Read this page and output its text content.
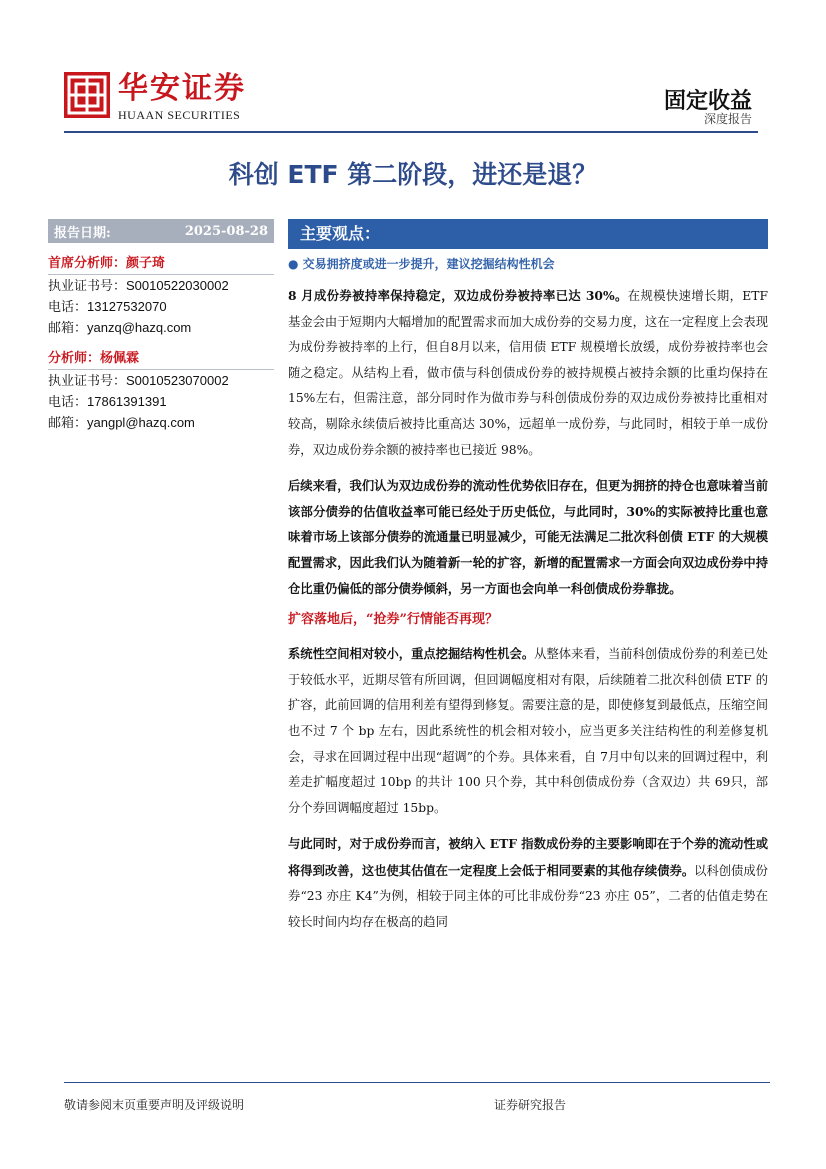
华安证券
HUAAN SECURITIES
固定收益
深度报告
科创 ETF 第二阶段，进还是退？
报告日期:	2025-08-28
首席分析师：颜子琦
执业证书号：S0010522030002
电话：13127532070
邮箱：yanzq@hazq.com
分析师：杨佩霖
执业证书号：S0010523070002
电话：17861391391
邮箱：yangpl@hazq.com
主要观点：
● 交易拥挤度或进一步提升，建议挖掘结构性机会

8 月成份券被持率保持稳定，双边成份券被持率已达 30%。在规模快速增长期，ETF 基金会由于短期内大幅增加的配置需求而加大成份券的交易力度，这在一定程度上会表现为成份券被持率的上行，但自8月以来，信用债 ETF 规模增长放缓，成份券被持率也会随之稳定。从结构上看，做市债与科创债成份券的被持规模占被持余额的比重均保持在 15%左右，但需注意，部分同时作为做市券与科创债成份券的双边成份券被持比重相对较高，剔除永续债后被持比重高达 30%，远超单一成份券，与此同时，相较于单一成份券，双边成份券余额的被持率也已接近 98%。

后续来看，我们认为双边成份券的流动性优势依旧存在，但更为拥挤的持仓也意味着当前该部分债券的估值收益率可能已经处于历史低位，与此同时，30%的实际被持比重也意味着市场上该部分债券的流通量已明显减少，可能无法满足二批次科创债 ETF 的大规模配置需求，因此我们认为随着新一轮的扩容，新增的配置需求一方面会向双边成份券中持仓比重仍偏低的部分债券倾斜，另一方面也会向单一科创债成份券靠拢。

扩容落地后，“抢券”行情能否再现？

系统性空间相对较小，重点挖掘结构性机会。从整体来看，当前科创债成份券的利差已处于较低水平，近期尽管有所回调，但回调幅度相对有限，后续随着二批次科创债 ETF 的扩容，此前回调的信用利差有望得到修复。需要注意的是，即使修复到最低点，压缩空间也不过 7 个 bp 左右，因此系统性的机会相对较小，应当更多关注结构性的利差修复机会，寻求在回调过程中出现“超调”的个券。具体来看，自 7月中旬以来的回调过程中，利差走扩幅度超过 10bp 的共计 100 只个券，其中科创债成份券（含双边）共 69只，部分个券回调幅度超过 15bp。

与此同时，对于成份券而言，被纳入 ETF 指数成份券的主要影响即在于个券的流动性或将得到改善，这也使其估值在一定程度上会低于相同要素的其他存续债券。以科创债成份券“23 亦庄 K4”为例，相较于同主体的可比非成份券“23 亦庄 05”，二者的估值走势在较长时间内均存在极高的趋同

敬请参阅末页重要声明及评级说明	证券研究报告
